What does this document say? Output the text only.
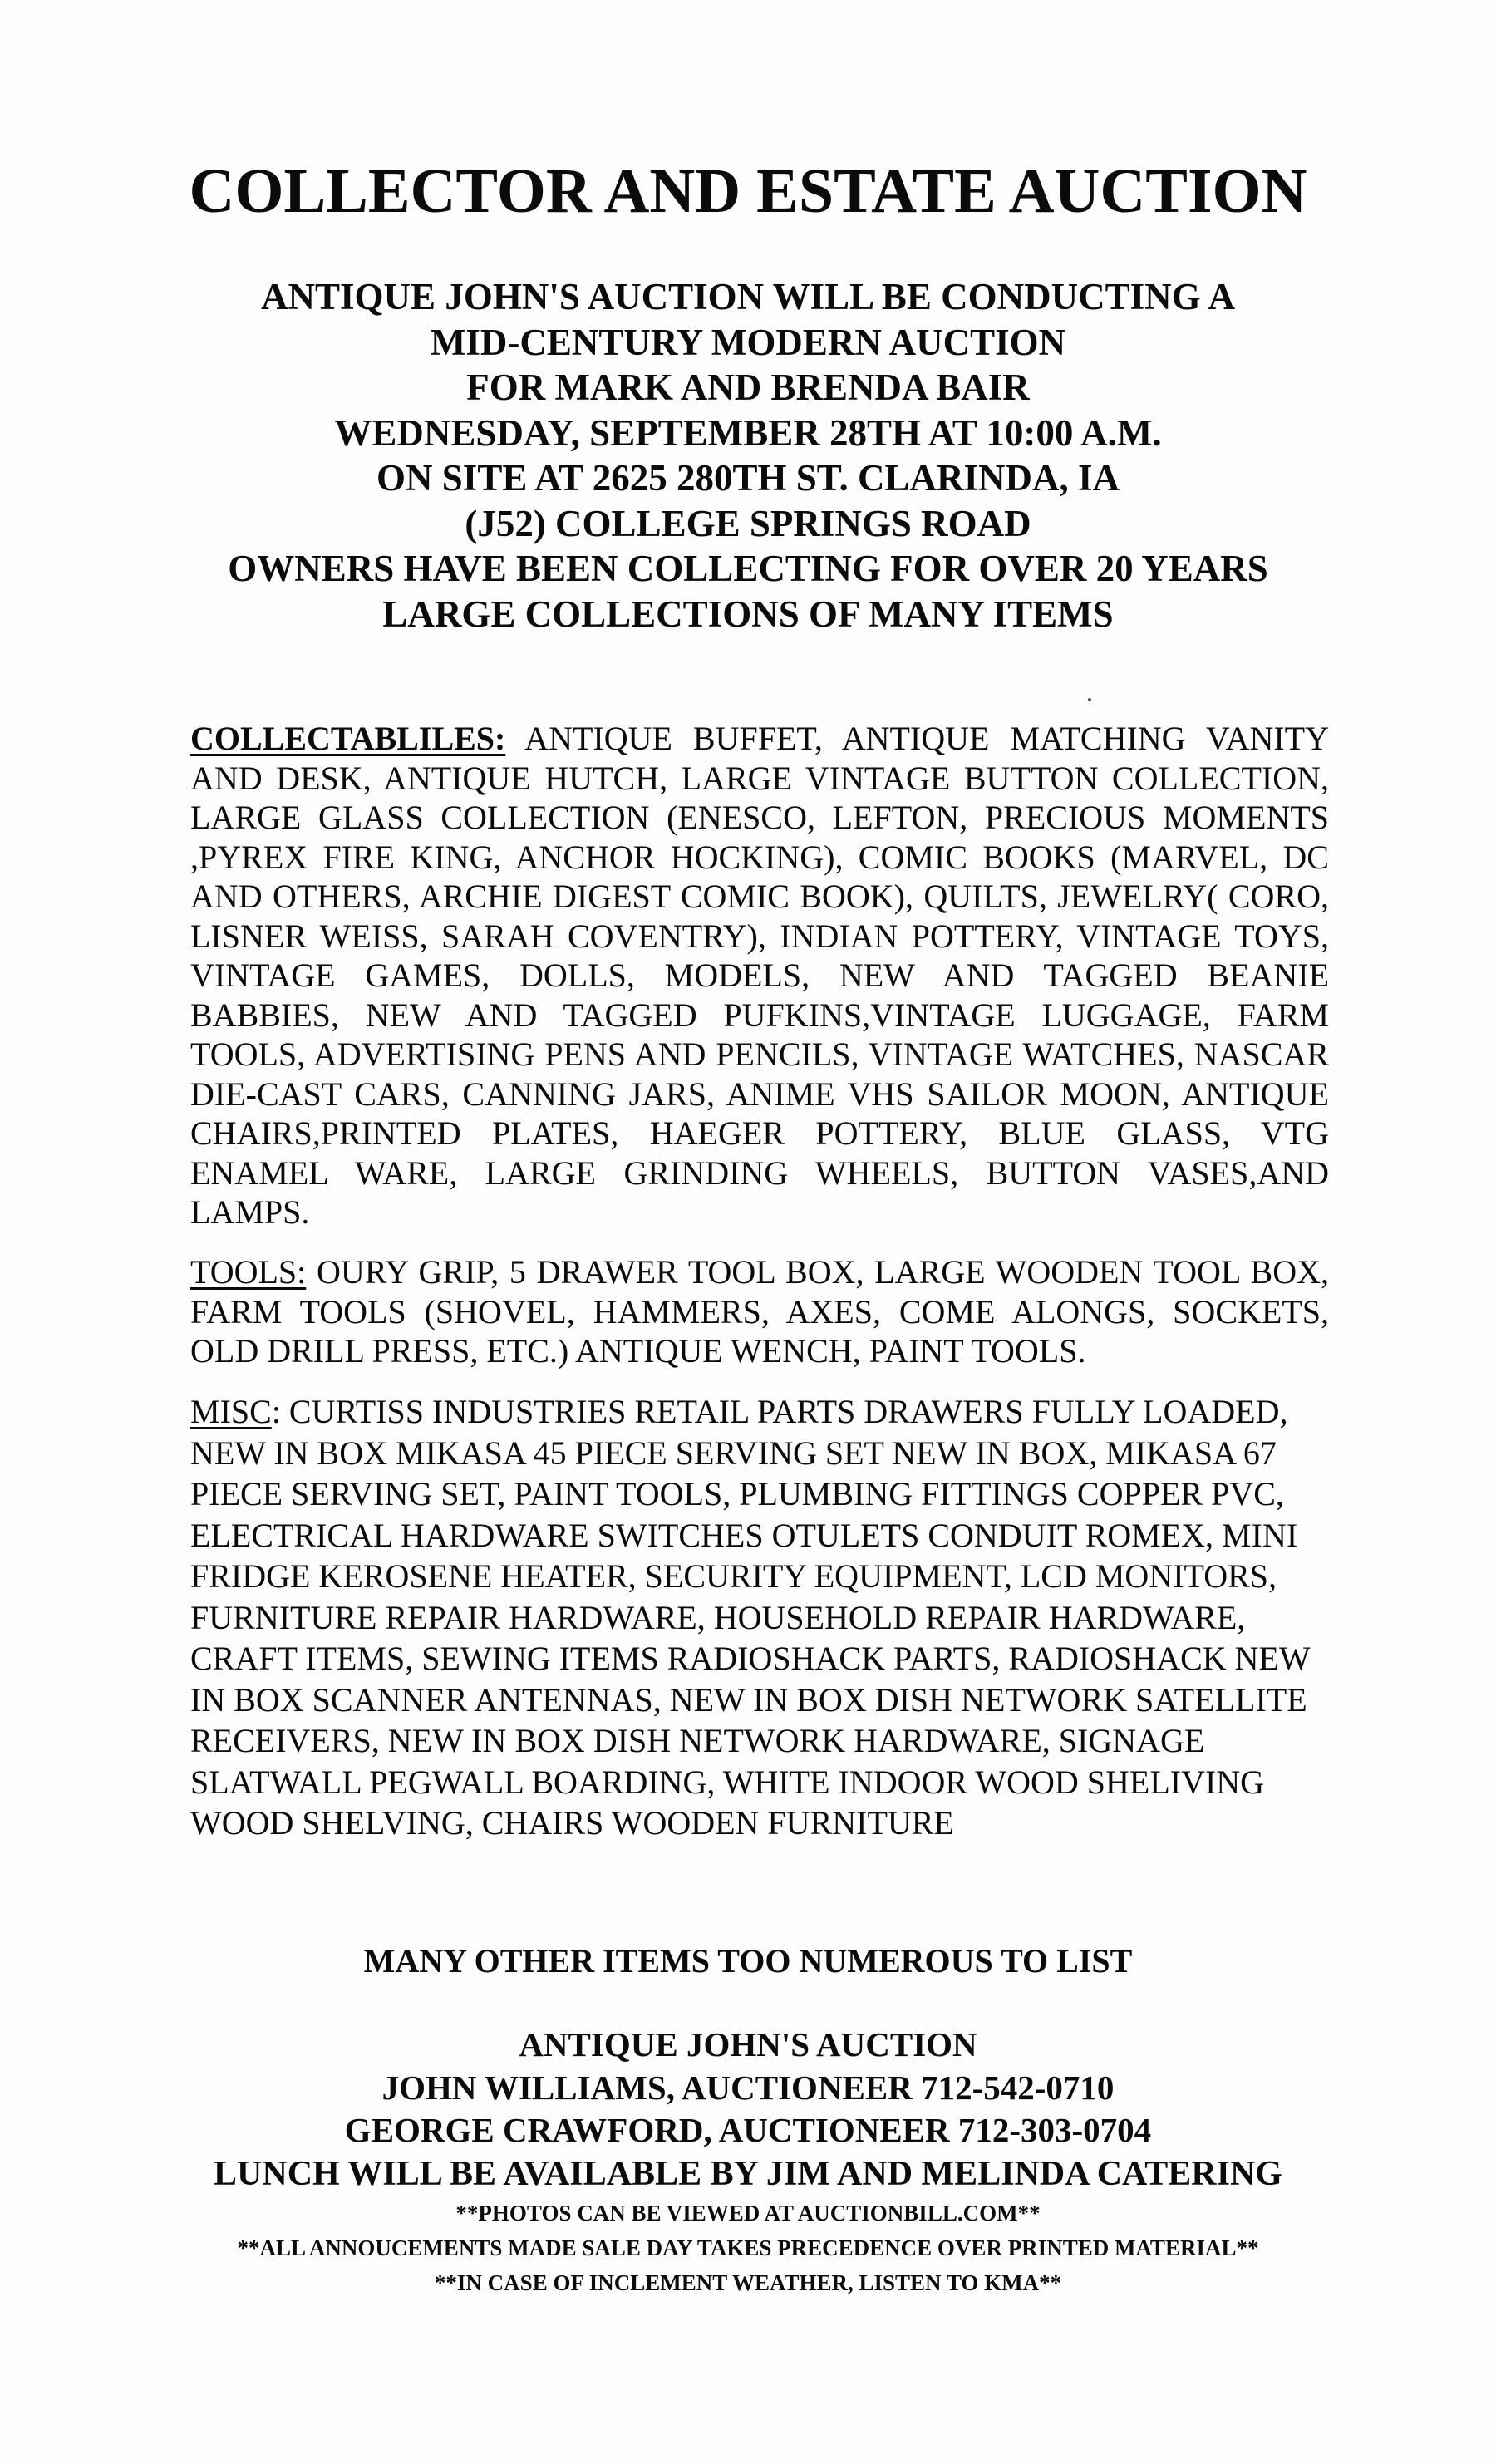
COLLECTOR AND ESTATE AUCTION
ANTIQUE JOHN'S AUCTION WILL BE CONDUCTING A
MID-CENTURY MODERN AUCTION
FOR MARK AND BRENDA BAIR
WEDNESDAY, SEPTEMBER 28TH AT 10:00 A.M.
ON SITE AT 2625 280TH ST. CLARINDA, IA
(J52) COLLEGE SPRINGS ROAD
OWNERS HAVE BEEN COLLECTING FOR OVER 20 YEARS
LARGE COLLECTIONS OF MANY ITEMS
COLLECTABLILES: ANTIQUE BUFFET, ANTIQUE MATCHING VANITY AND DESK, ANTIQUE HUTCH, LARGE VINTAGE BUTTON COLLECTION, LARGE GLASS COLLECTION (ENESCO, LEFTON, PRECIOUS MOMENTS ,PYREX FIRE KING, ANCHOR HOCKING), COMIC BOOKS (MARVEL, DC AND OTHERS, ARCHIE DIGEST COMIC BOOK), QUILTS, JEWELRY( CORO, LISNER WEISS, SARAH COVENTRY), INDIAN POTTERY, VINTAGE TOYS, VINTAGE GAMES, DOLLS, MODELS, NEW AND TAGGED BEANIE BABBIES, NEW AND TAGGED PUFKINS,VINTAGE LUGGAGE, FARM TOOLS, ADVERTISING PENS AND PENCILS, VINTAGE WATCHES, NASCAR DIE-CAST CARS, CANNING JARS, ANIME VHS SAILOR MOON, ANTIQUE CHAIRS,PRINTED PLATES, HAEGER POTTERY, BLUE GLASS, VTG ENAMEL WARE, LARGE GRINDING WHEELS, BUTTON VASES,AND LAMPS.
TOOLS: OURY GRIP, 5 DRAWER TOOL BOX, LARGE WOODEN TOOL BOX, FARM TOOLS (SHOVEL, HAMMERS, AXES, COME ALONGS, SOCKETS, OLD DRILL PRESS, ETC.) ANTIQUE WENCH, PAINT TOOLS.
MISC: CURTISS INDUSTRIES RETAIL PARTS DRAWERS FULLY LOADED, NEW IN BOX MIKASA 45 PIECE SERVING SET NEW IN BOX, MIKASA 67 PIECE SERVING SET, PAINT TOOLS, PLUMBING FITTINGS COPPER PVC, ELECTRICAL HARDWARE SWITCHES OTULETS CONDUIT ROMEX, MINI FRIDGE KEROSENE HEATER, SECURITY EQUIPMENT, LCD MONITORS, FURNITURE REPAIR HARDWARE, HOUSEHOLD REPAIR HARDWARE, CRAFT ITEMS, SEWING ITEMS RADIOSHACK PARTS, RADIOSHACK NEW IN BOX SCANNER ANTENNAS, NEW IN BOX DISH NETWORK SATELLITE RECEIVERS, NEW IN BOX DISH NETWORK HARDWARE, SIGNAGE SLATWALL PEGWALL BOARDING, WHITE INDOOR WOOD SHELIVING WOOD SHELVING, CHAIRS WOODEN FURNITURE
MANY OTHER ITEMS TOO NUMEROUS TO LIST
ANTIQUE JOHN'S AUCTION
JOHN WILLIAMS, AUCTIONEER 712-542-0710
GEORGE CRAWFORD, AUCTIONEER 712-303-0704
LUNCH WILL BE AVAILABLE BY JIM AND MELINDA CATERING
**PHOTOS CAN BE VIEWED AT AUCTIONBILL.COM**
**ALL ANNOUCEMENTS MADE SALE DAY TAKES PRECEDENCE OVER PRINTED MATERIAL**
**IN CASE OF INCLEMENT WEATHER, LISTEN TO KMA**
